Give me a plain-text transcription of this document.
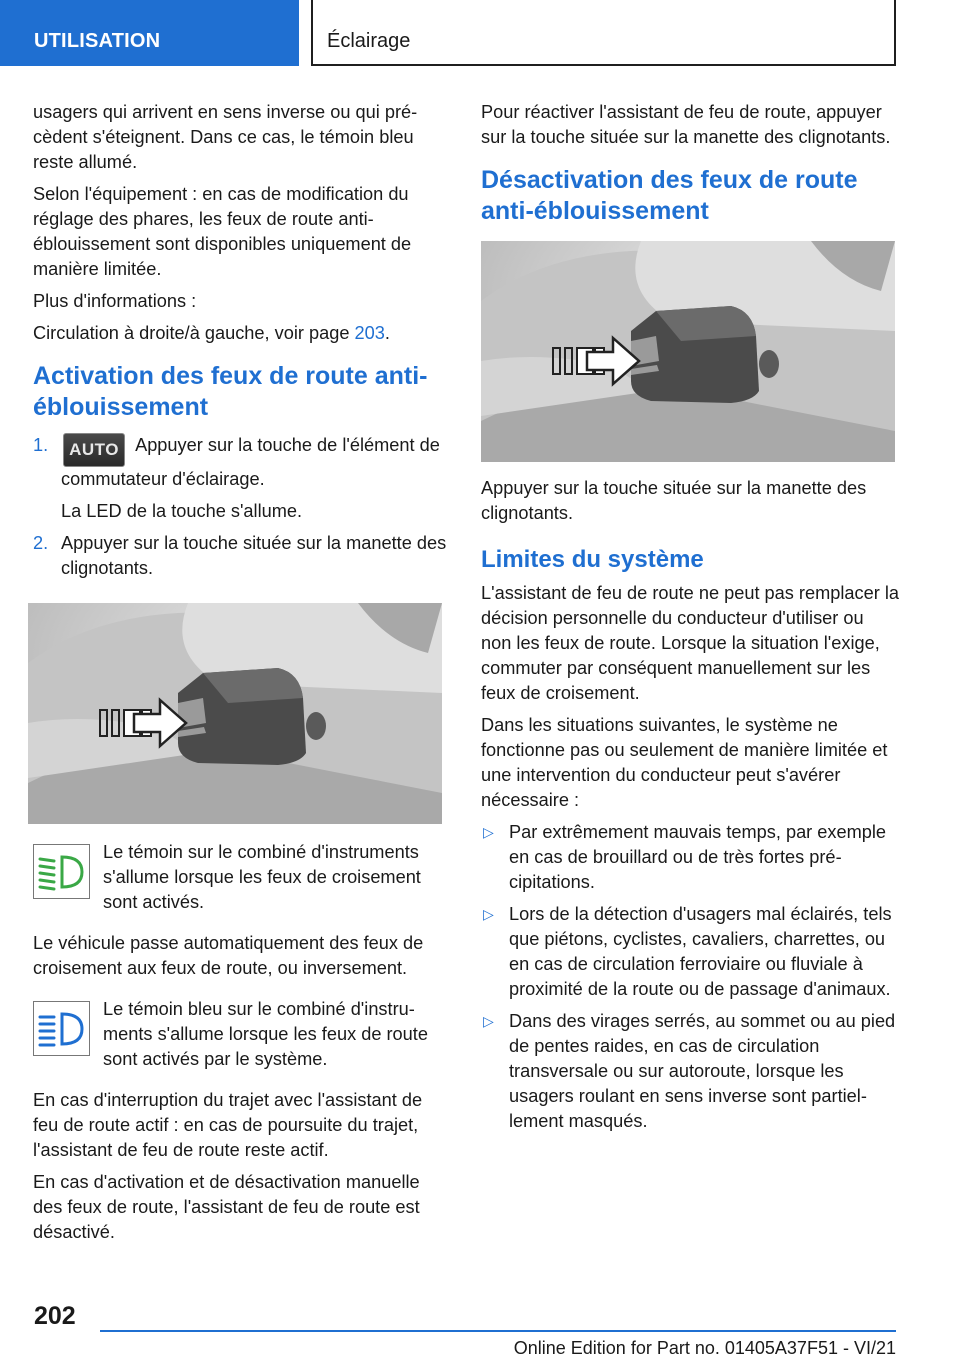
UTILISATION	Éclairage

usagers qui arrivent en sens inverse ou qui précèdent s'éteignent. Dans ce cas, le témoin bleu reste allumé.

Selon l'équipement : en cas de modification du réglage des phares, les feux de route anti-éblouissement sont disponibles uniquement de manière limitée.

Plus d'informations :

Circulation à droite/à gauche, voir page 203.

Activation des feux de route anti-éblouissement
1. AUTO Appuyer sur la touche de l'élément de commutateur d'éclairage.
La LED de la touche s'allume.
2. Appuyer sur la touche située sur la manette des clignotants.

Le témoin sur le combiné d'instruments s'allume lorsque les feux de croisement sont activés.

Le véhicule passe automatiquement des feux de croisement aux feux de route, ou inversement.

Le témoin bleu sur le combiné d'instruments s'allume lorsque les feux de route sont activés par le système.

En cas d'interruption du trajet avec l'assistant de feu de route actif : en cas de poursuite du trajet, l'assistant de feu de route reste actif.

En cas d'activation et de désactivation manuelle des feux de route, l'assistant de feu de route est désactivé.

Pour réactiver l'assistant de feu de route, appuyer sur la touche située sur la manette des clignotants.

Désactivation des feux de route anti-éblouissement

Appuyer sur la touche située sur la manette des clignotants.

Limites du système

L'assistant de feu de route ne peut pas remplacer la décision personnelle du conducteur d'utiliser ou non les feux de route. Lorsque la situation l'exige, commuter par conséquent manuellement sur les feux de croisement.

Dans les situations suivantes, le système ne fonctionne pas ou seulement de manière limitée et une intervention du conducteur peut s'avérer nécessaire :

▷ Par extrêmement mauvais temps, par exemple en cas de brouillard ou de très fortes précipitations.
▷ Lors de la détection d'usagers mal éclairés, tels que piétons, cyclistes, cavaliers, charrettes, ou en cas de circulation ferroviaire ou fluviale à proximité de la route ou de passage d'animaux.
▷ Dans des virages serrés, au sommet ou au pied de pentes raides, en cas de circulation transversale ou sur autoroute, lorsque les usagers roulant en sens inverse sont partiellement masqués.
202
Online Edition for Part no. 01405A37F51 - VI/21
